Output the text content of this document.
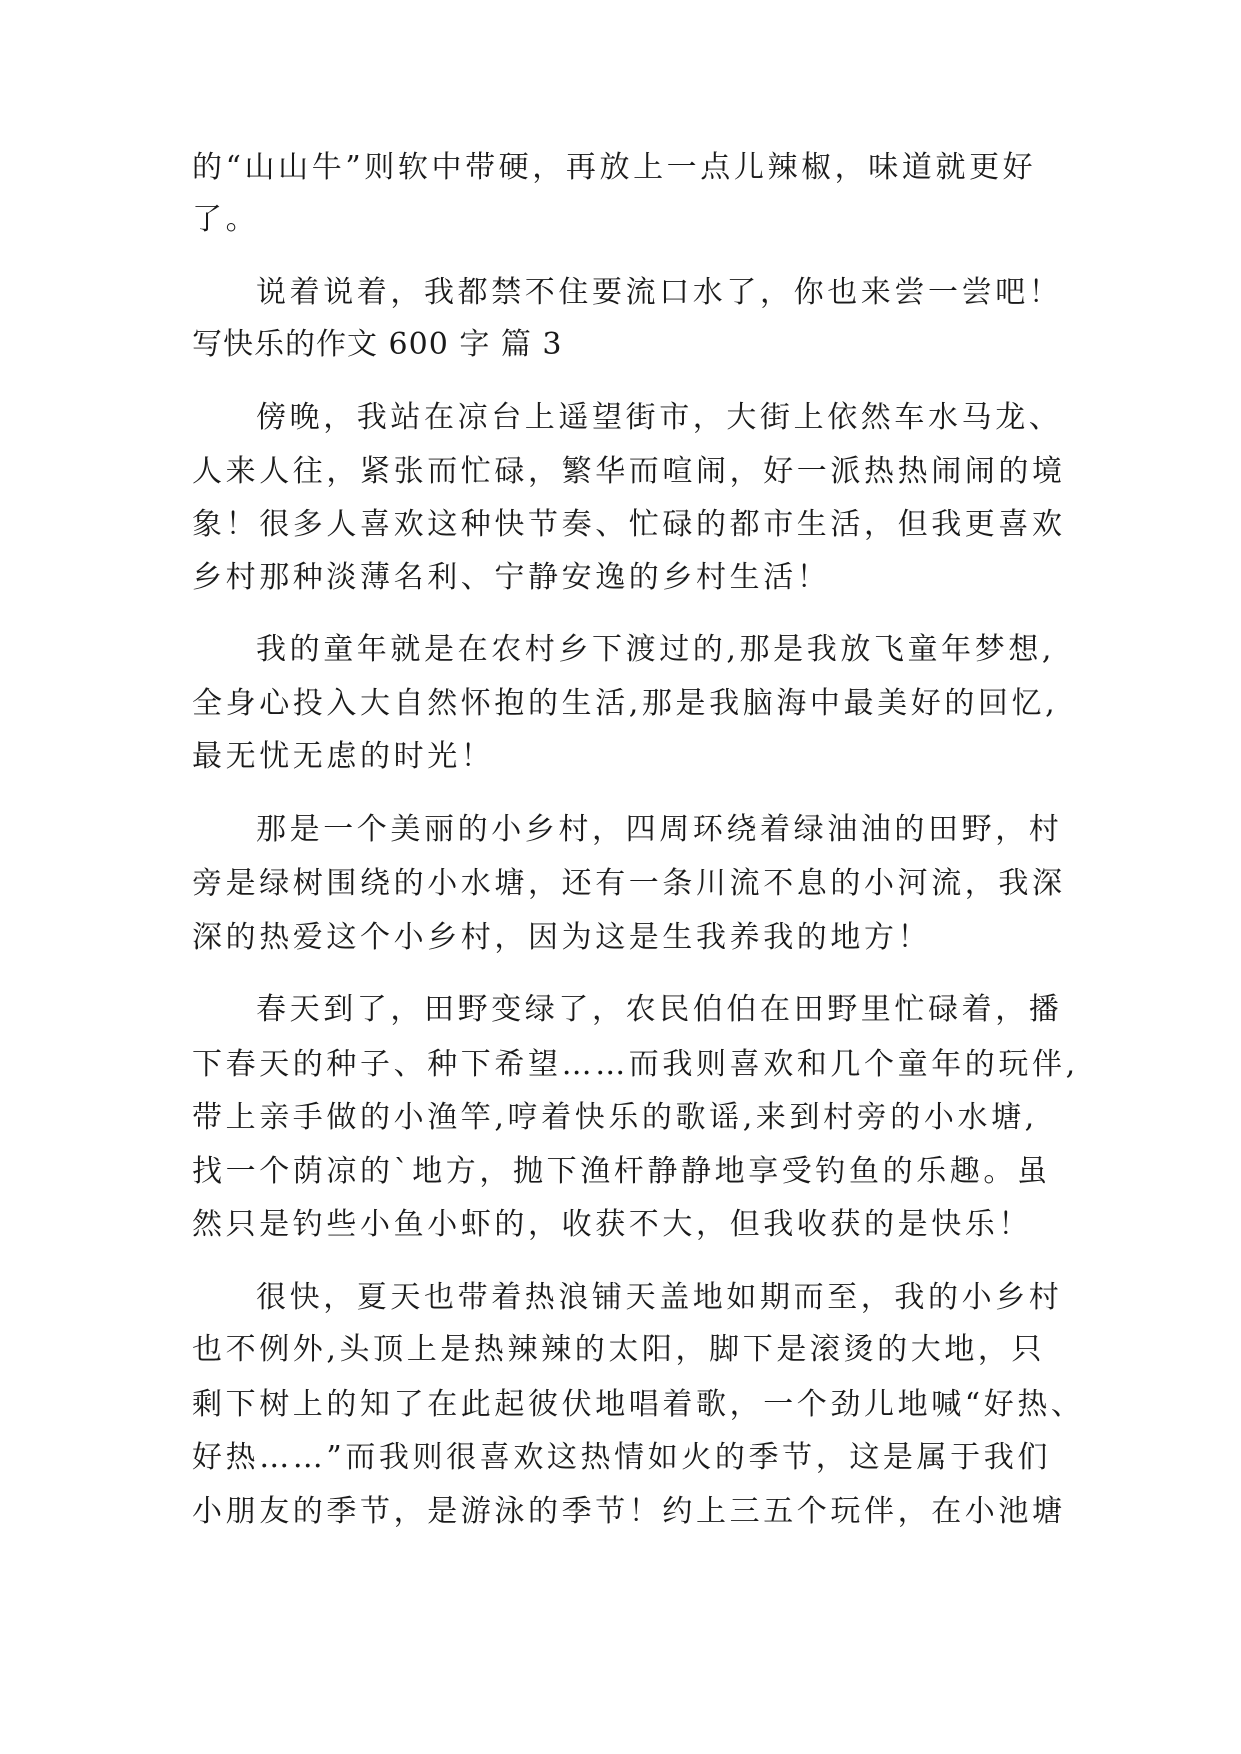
的“山山牛”则软中带硬，再放上一点儿辣椒，味道就更好
了。
说着说着，我都禁不住要流口水了，你也来尝一尝吧！
写快乐的作文 600 字 篇 3
傍晚，我站在凉台上遥望街市，大街上依然车水马龙、
人来人往，紧张而忙碌，繁华而喧闹，好一派热热闹闹的境
象！很多人喜欢这种快节奏、忙碌的都市生活，但我更喜欢
乡村那种淡薄名利、宁静安逸的乡村生活！
我的童年就是在农村乡下渡过的,那是我放飞童年梦想,
全身心投入大自然怀抱的生活,那是我脑海中最美好的回忆,
最无忧无虑的时光！
那是一个美丽的小乡村，四周环绕着绿油油的田野，村
旁是绿树围绕的小水塘，还有一条川流不息的小河流，我深
深的热爱这个小乡村，因为这是生我养我的地方！
春天到了，田野变绿了，农民伯伯在田野里忙碌着，播
下春天的种子、种下希望……而我则喜欢和几个童年的玩伴,
带上亲手做的小渔竿,哼着快乐的歌谣,来到村旁的小水塘,
找一个荫凉的`地方，抛下渔杆静静地享受钓鱼的乐趣。虽
然只是钓些小鱼小虾的，收获不大，但我收获的是快乐！
很快，夏天也带着热浪铺天盖地如期而至，我的小乡村
也不例外,头顶上是热辣辣的太阳，脚下是滚烫的大地，只
剩下树上的知了在此起彼伏地唱着歌，一个劲儿地喊“好热、
好热……”而我则很喜欢这热情如火的季节，这是属于我们
小朋友的季节，是游泳的季节！约上三五个玩伴，在小池塘
